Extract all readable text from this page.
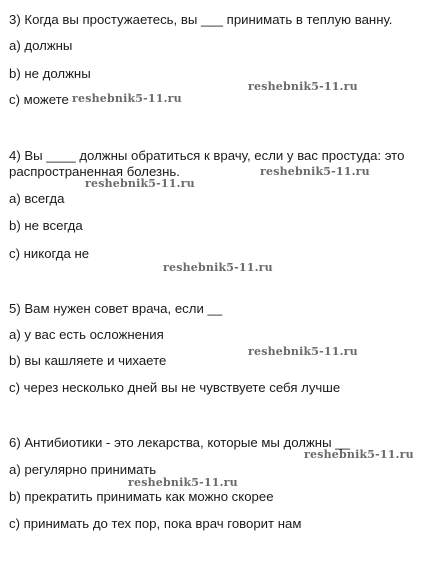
3) Когда вы простужаетесь, вы ___ принимать в теплую ванну.
a) должны
b) не должны
c) можете
4) Вы ____ должны обратиться к врачу, если у вас простуда: это
распространенная болезнь.
a) всегда
b) не всегда
c) никогда не
5) Вам нужен совет врача, если __
a) у вас есть осложнения
b) вы кашляете и чихаете
c) через несколько дней вы не чувствуете себя лучше
6) Антибиотики - это лекарства, которые мы должны __
a) регулярно принимать
b) прекратить принимать как можно скорее
c) принимать до тех пор, пока врач говорит нам
reshebnik5-11.ru
reshebnik5-11.ru
reshebnik5-11.ru
reshebnik5-11.ru
reshebnik5-11.ru
reshebnik5-11.ru
reshebnik5-11.ru
reshebnik5-11.ru
